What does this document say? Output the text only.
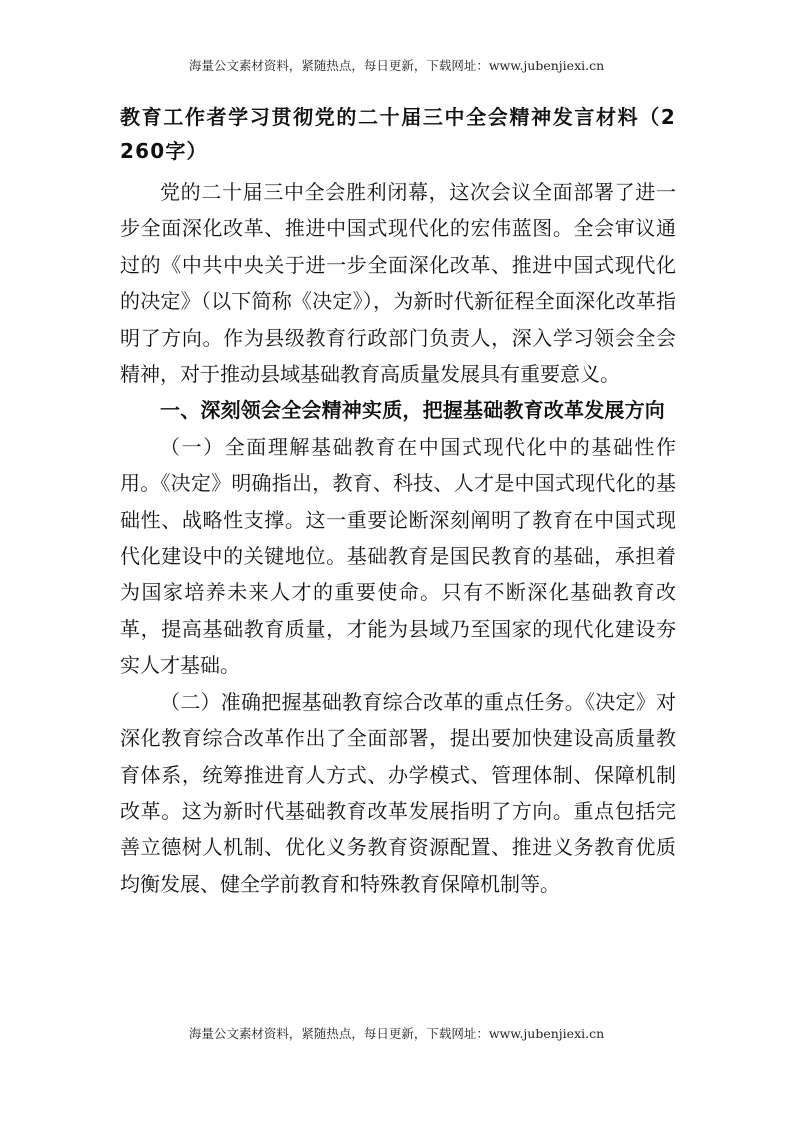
海量公文素材资料，紧随热点，每日更新，下载网址：www.jubenjiexi.cn

教育工作者学习贯彻党的二十届三中全会精神发言材料（2260字）

党的二十届三中全会胜利闭幕，这次会议全面部署了进一步全面深化改革、推进中国式现代化的宏伟蓝图。全会审议通过的《中共中央关于进一步全面深化改革、推进中国式现代化的决定》（以下简称《决定》），为新时代新征程全面深化改革指明了方向。作为县级教育行政部门负责人，深入学习领会全会精神，对于推动县域基础教育高质量发展具有重要意义。

一、深刻领会全会精神实质，把握基础教育改革发展方向

（一）全面理解基础教育在中国式现代化中的基础性作用。《决定》明确指出，教育、科技、人才是中国式现代化的基础性、战略性支撑。这一重要论断深刻阐明了教育在中国式现代化建设中的关键地位。基础教育是国民教育的基础，承担着为国家培养未来人才的重要使命。只有不断深化基础教育改革，提高基础教育质量，才能为县域乃至国家的现代化建设夯实人才基础。

（二）准确把握基础教育综合改革的重点任务。《决定》对深化教育综合改革作出了全面部署，提出要加快建设高质量教育体系，统筹推进育人方式、办学模式、管理体制、保障机制改革。这为新时代基础教育改革发展指明了方向。重点包括完善立德树人机制、优化义务教育资源配置、推进义务教育优质均衡发展、健全学前教育和特殊教育保障机制等。

海量公文素材资料，紧随热点，每日更新，下载网址：www.jubenjiexi.cn
